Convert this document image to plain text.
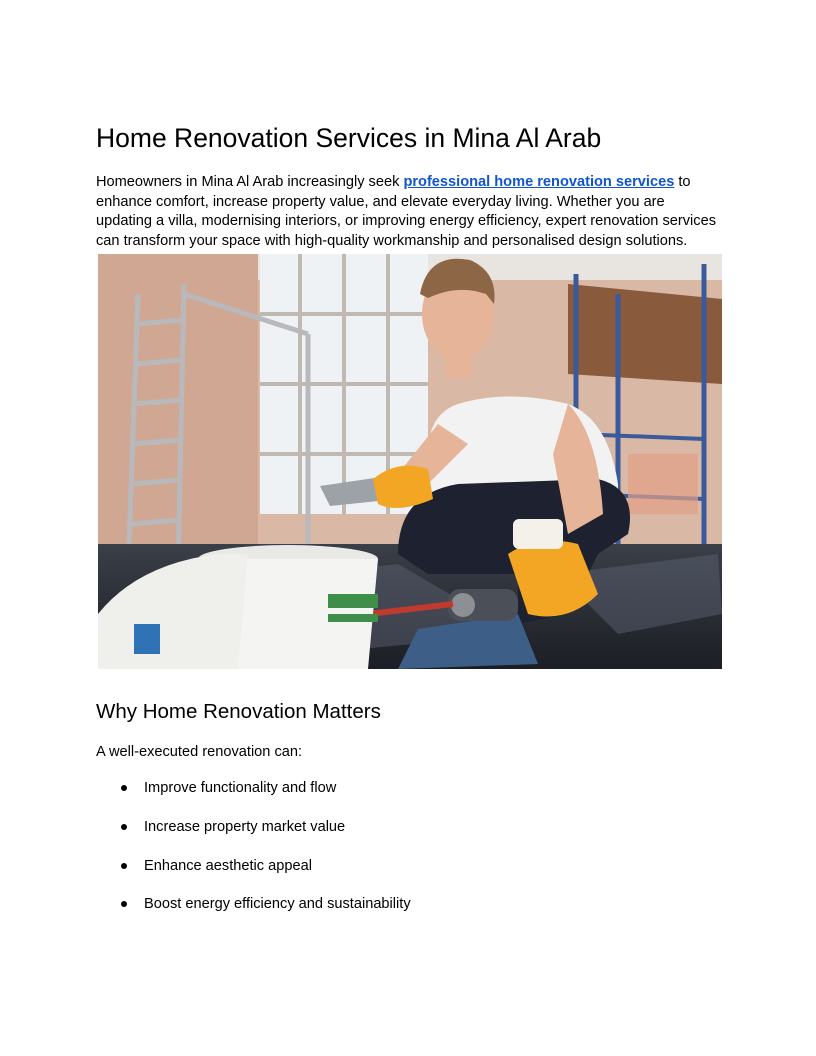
Home Renovation Services in Mina Al Arab

Homeowners in Mina Al Arab increasingly seek professional home renovation services to enhance comfort, increase property value, and elevate everyday living. Whether you are updating a villa, modernising interiors, or improving energy efficiency, expert renovation services can transform your space with high-quality workmanship and personalised design solutions.

Why Home Renovation Matters

A well-executed renovation can:

Improve functionality and flow
Increase property market value
Enhance aesthetic appeal
Boost energy efficiency and sustainability
